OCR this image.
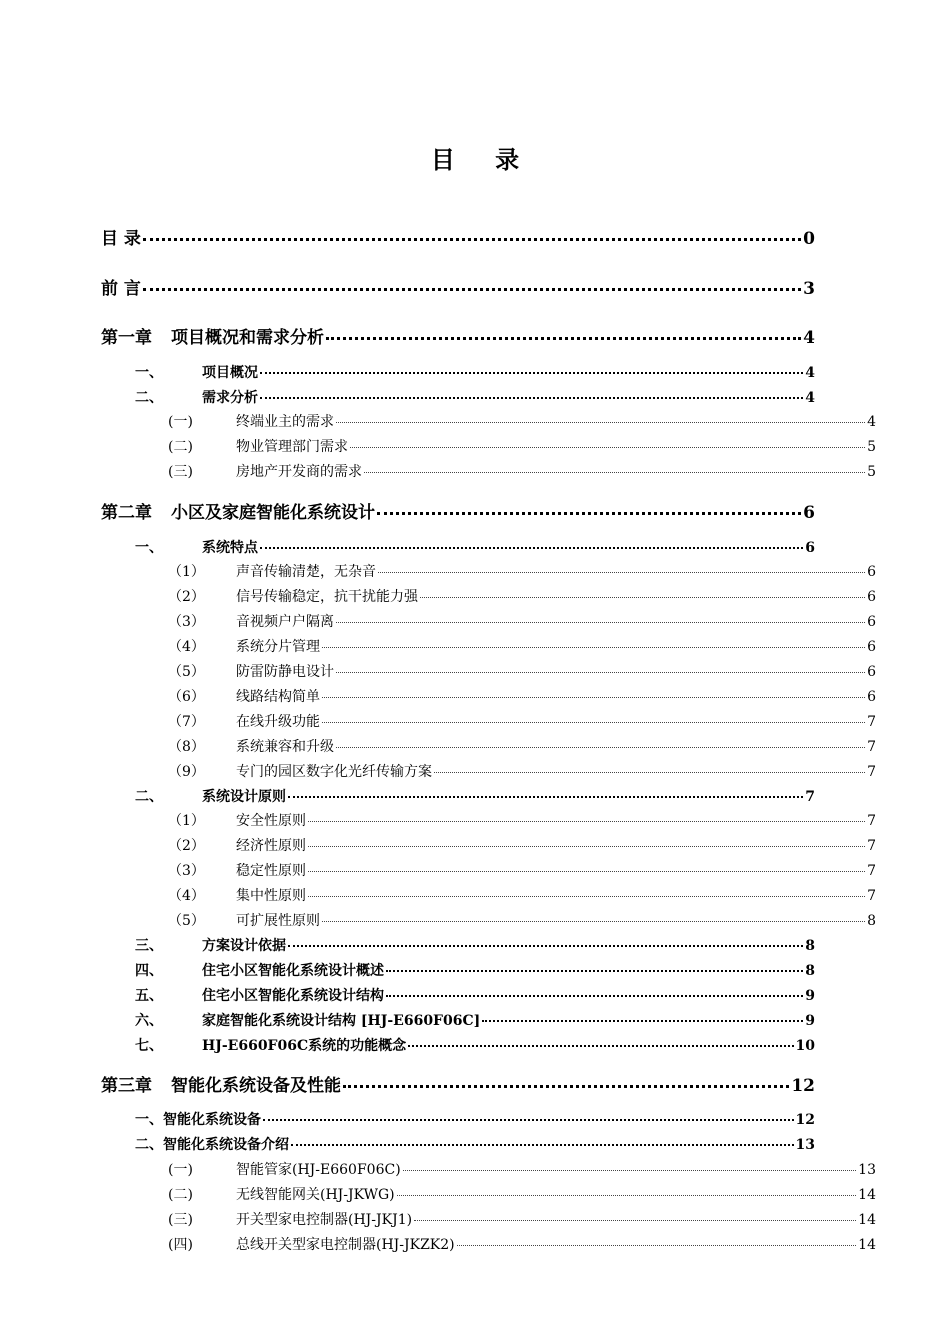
目 录
目 录	0
前 言	3
第一章	项目概况和需求分析	4
一、	项目概况	4
二、	需求分析	4
(一)	终端业主的需求	4
(二)	物业管理部门需求	5
(三)	房地产开发商的需求	5
第二章	小区及家庭智能化系统设计	6
一、	系统特点	6
（1）	声音传输清楚，无杂音	6
（2）	信号传输稳定，抗干扰能力强	6
（3）	音视频户户隔离	6
（4）	系统分片管理	6
（5）	防雷防静电设计	6
（6）	线路结构简单	6
（7）	在线升级功能	7
（8）	系统兼容和升级	7
（9）	专门的园区数字化光纤传输方案	7
二、	系统设计原则	7
（1）	安全性原则	7
（2）	经济性原则	7
（3）	稳定性原则	7
（4）	集中性原则	7
（5）	可扩展性原则	8
三、	方案设计依据	8
四、	住宅小区智能化系统设计概述	8
五、	住宅小区智能化系统设计结构	9
六、	家庭智能化系统设计结构 [HJ-E660F06C]	9
七、	HJ-E660F06C系统的功能概念	10
第三章	智能化系统设备及性能	12
一、 智能化系统设备	12
二、 智能化系统设备介绍	13
(一)	智能管家(HJ-E660F06C)	13
(二)	无线智能网关(HJ-JKWG)	14
(三)	开关型家电控制器(HJ-JKJ1)	14
(四)	总线开关型家电控制器(HJ-JKZK2)	14
